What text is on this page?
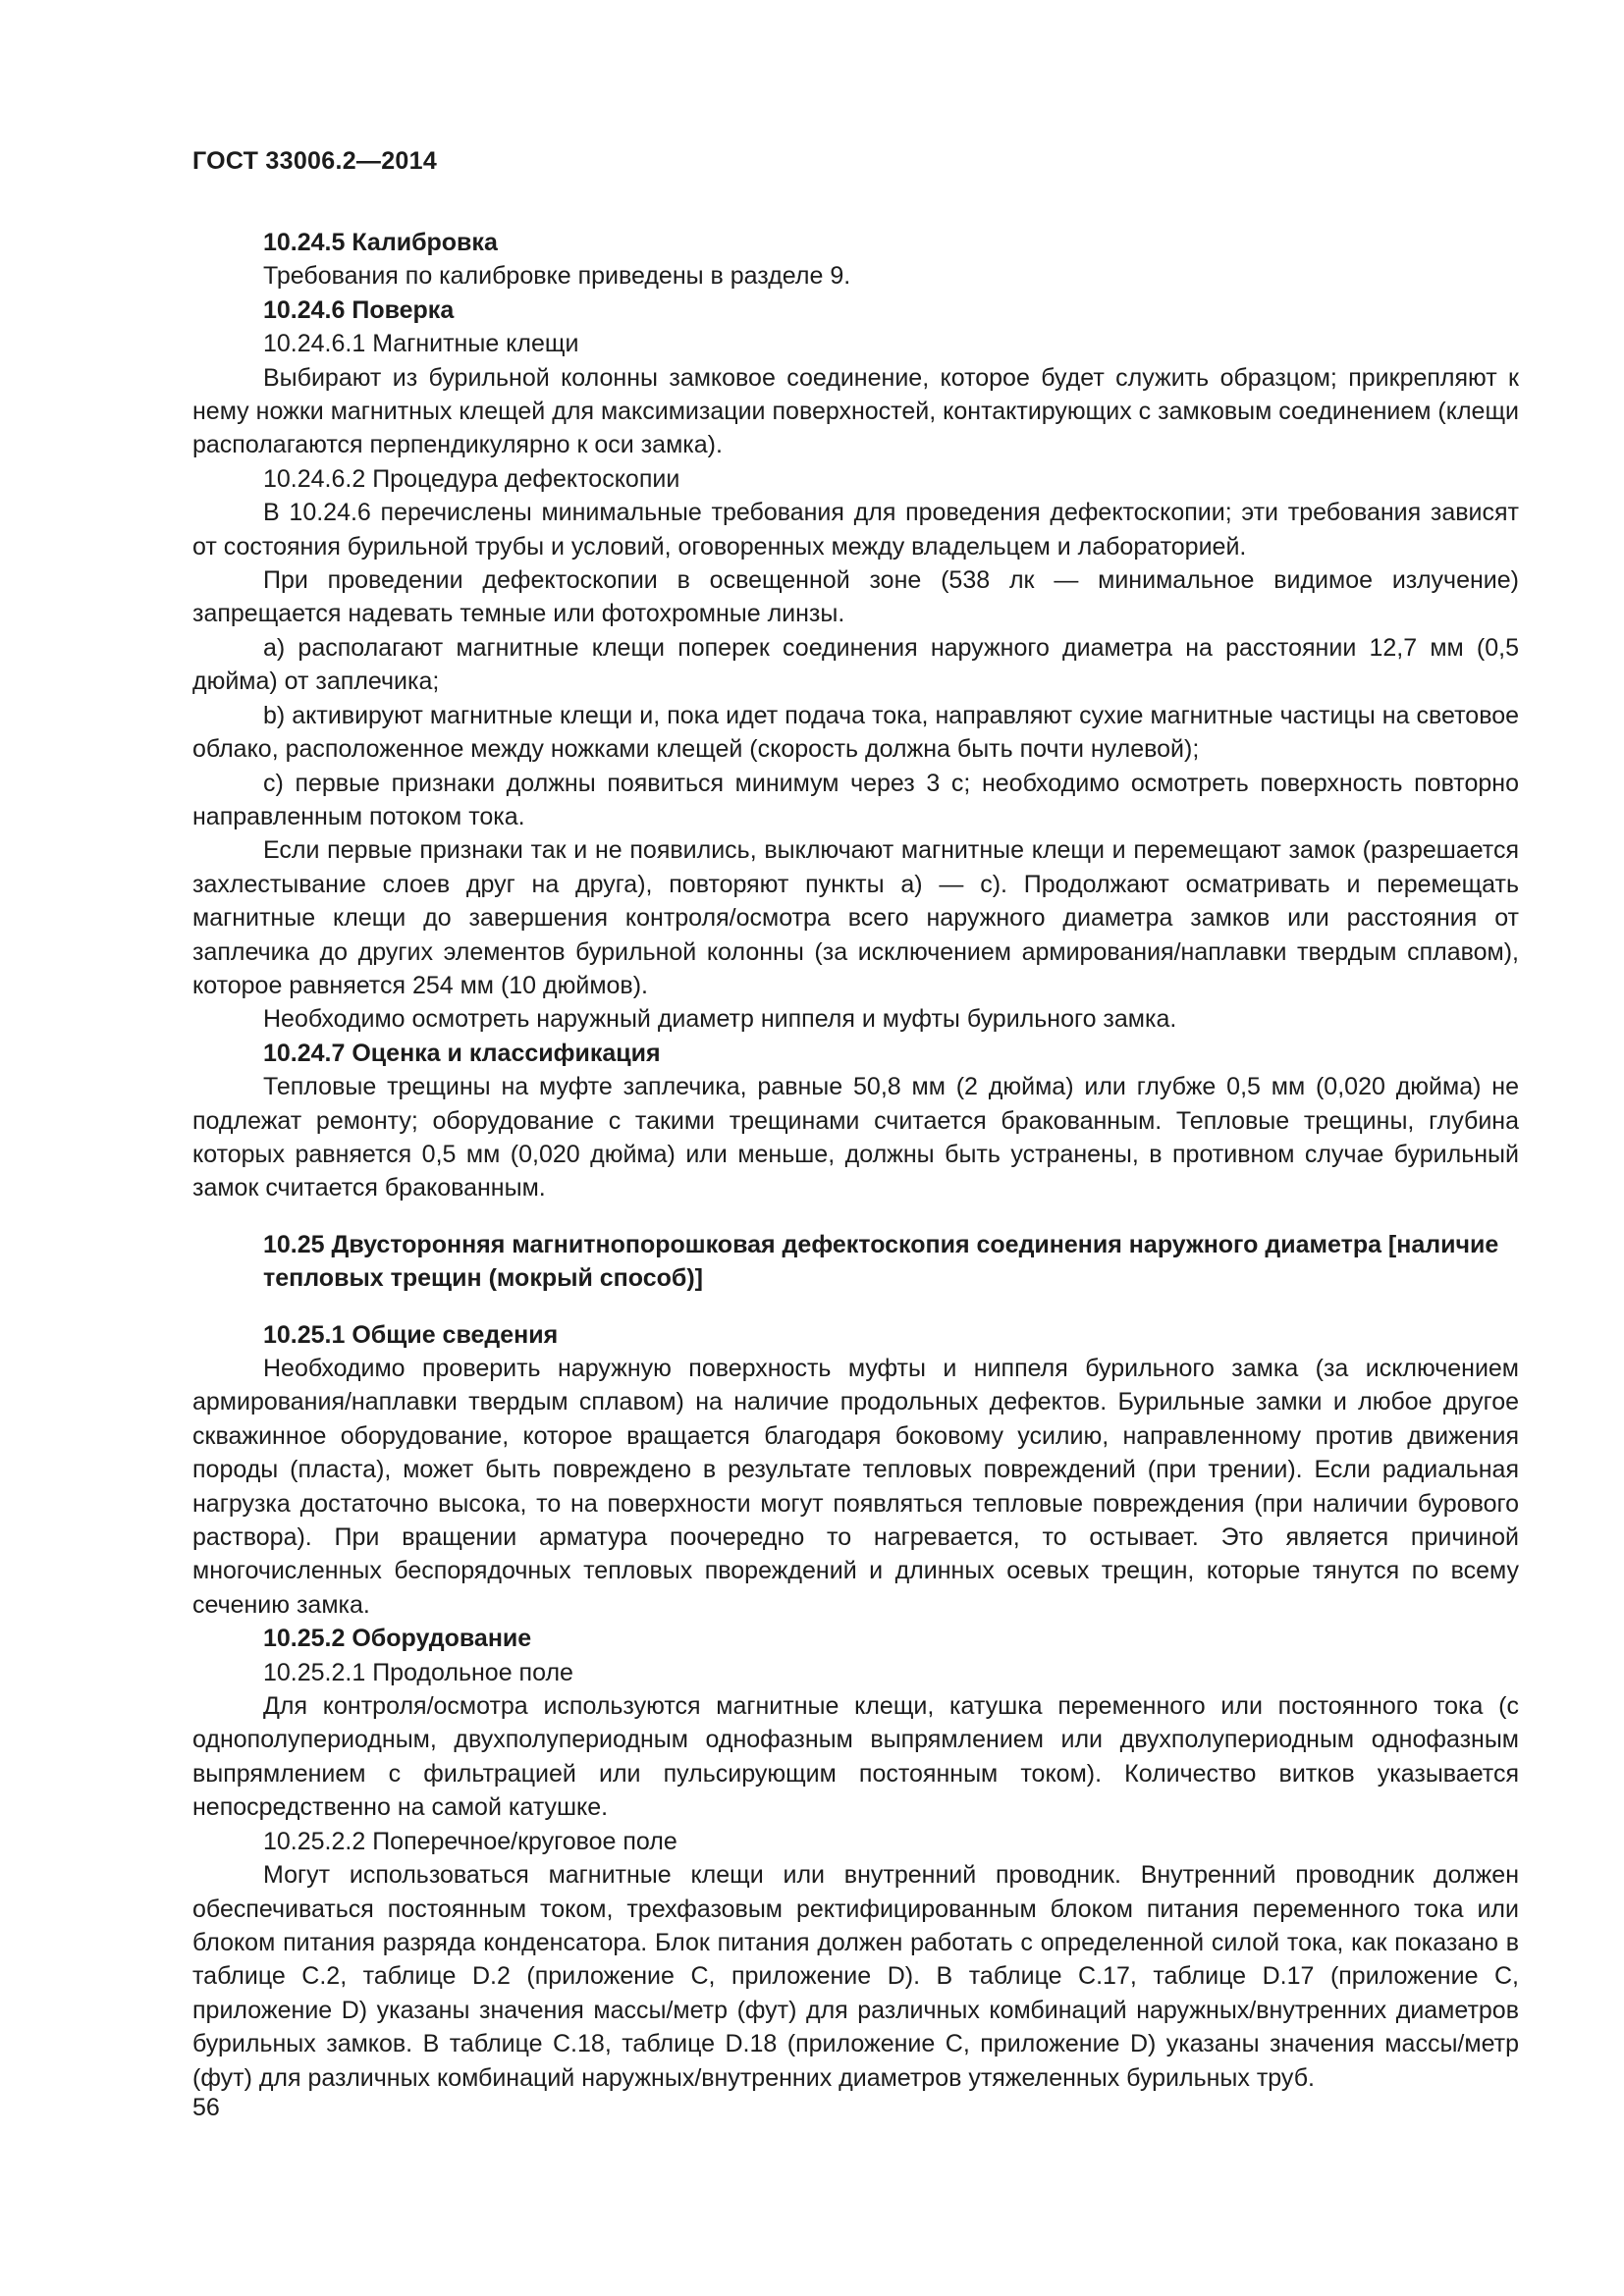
ГОСТ 33006.2—2014

10.24.5 Калибровка

Требования по калибровке приведены в разделе 9.

10.24.6 Поверка

10.24.6.1 Магнитные клещи

Выбирают из бурильной колонны замковое соединение, которое будет служить образцом; прикрепляют к нему ножки магнитных клещей для максимизации поверхностей, контактирующих с замковым соединением (клещи располагаются перпендикулярно к оси замка).

10.24.6.2 Процедура дефектоскопии

В 10.24.6 перечислены минимальные требования для проведения дефектоскопии; эти требования зависят от состояния бурильной трубы и условий, оговоренных между владельцем и лабораторией.

При проведении дефектоскопии в освещенной зоне (538 лк — минимальное видимое излучение) запрещается надевать темные или фотохромные линзы.

a) располагают магнитные клещи поперек соединения наружного диаметра на расстоянии 12,7 мм (0,5 дюйма) от заплечика;

b) активируют магнитные клещи и, пока идет подача тока, направляют сухие магнитные частицы на световое облако, расположенное между ножками клещей (скорость должна быть почти нулевой);

c) первые признаки должны появиться минимум через 3 с; необходимо осмотреть поверхность повторно направленным потоком тока.

Если первые признаки так и не появились, выключают магнитные клещи и перемещают замок (разрешается захлестывание слоев друг на друга), повторяют пункты а) — с). Продолжают осматривать и перемещать магнитные клещи до завершения контроля/осмотра всего наружного диаметра замков или расстояния от заплечика до других элементов бурильной колонны (за исключением армирования/наплавки твердым сплавом), которое равняется 254 мм (10 дюймов).

Необходимо осмотреть наружный диаметр ниппеля и муфты бурильного замка.

10.24.7 Оценка и классификация

Тепловые трещины на муфте заплечика, равные 50,8 мм (2 дюйма) или глубже 0,5 мм (0,020 дюйма) не подлежат ремонту; оборудование с такими трещинами считается бракованным. Тепловые трещины, глубина которых равняется 0,5 мм (0,020 дюйма) или меньше, должны быть устранены, в противном случае бурильный замок считается бракованным.

10.25 Двусторонняя магнитнопорошковая дефектоскопия соединения наружного диаметра [наличие тепловых трещин (мокрый способ)]

10.25.1 Общие сведения

Необходимо проверить наружную поверхность муфты и ниппеля бурильного замка (за исключением армирования/наплавки твердым сплавом) на наличие продольных дефектов. Бурильные замки и любое другое скважинное оборудование, которое вращается благодаря боковому усилию, направленному против движения породы (пласта), может быть повреждено в результате тепловых повреждений (при трении). Если радиальная нагрузка достаточно высока, то на поверхности могут появляться тепловые повреждения (при наличии бурового раствора). При вращении арматура поочередно то нагревается, то остывает. Это является причиной многочисленных беспорядочных тепловых пвореждений и длинных осевых трещин, которые тянутся по всему сечению замка.

10.25.2 Оборудование

10.25.2.1 Продольное поле

Для контроля/осмотра используются магнитные клещи, катушка переменного или постоянного тока (с однополупериодным, двухполупериодным однофазным выпрямлением или двухполупериодным однофазным выпрямлением с фильтрацией или пульсирующим постоянным током). Количество витков указывается непосредственно на самой катушке.

10.25.2.2 Поперечное/круговое поле

Могут использоваться магнитные клещи или внутренний проводник. Внутренний проводник должен обеспечиваться постоянным током, трехфазовым ректифицированным блоком питания переменного тока или блоком питания разряда конденсатора. Блок питания должен работать с определенной силой тока, как показано в таблице С.2, таблице D.2 (приложение С, приложение D). В таблице С.17, таблице D.17 (приложение С, приложение D) указаны значения массы/метр (фут) для различных комбинаций наружных/внутренних диаметров бурильных замков. В таблице С.18, таблице D.18 (приложение С, приложение D) указаны значения массы/метр (фут) для различных комбинаций наружных/внутренних диаметров утяжеленных бурильных труб.

56
